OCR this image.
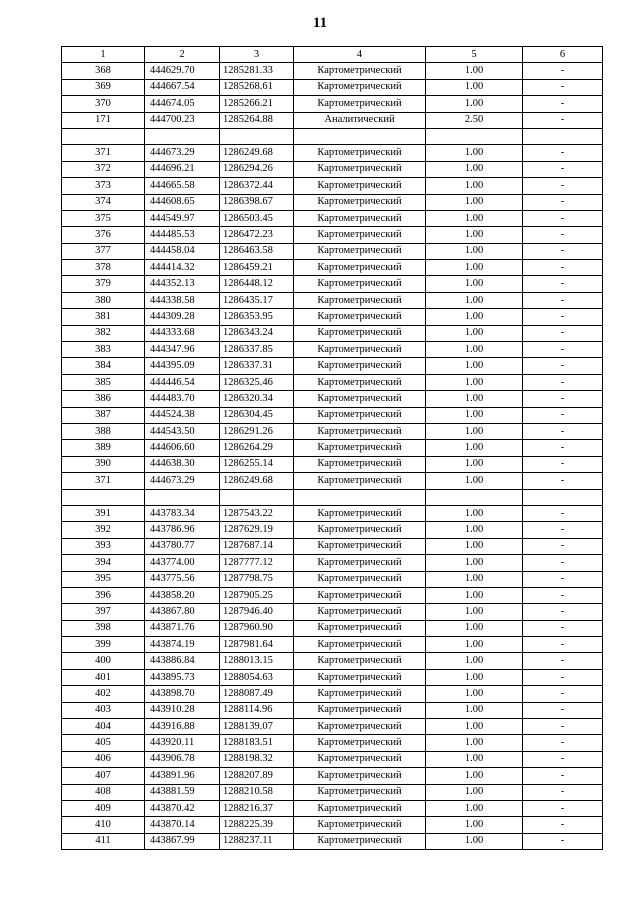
11
1	2	3	4	5	6
368	444629.70	1285281.33	Картометрический	1.00	-
369	444667.54	1285268.61	Картометрический	1.00	-
370	444674.05	1285266.21	Картометрический	1.00	-
171	444700.23	1285264.88	Аналитический	2.50	-

371	444673.29	1286249.68	Картометрический	1.00	-
372	444696.21	1286294.26	Картометрический	1.00	-
373	444665.58	1286372.44	Картометрический	1.00	-
374	444608.65	1286398.67	Картометрический	1.00	-
375	444549.97	1286503.45	Картометрический	1.00	-
376	444485.53	1286472.23	Картометрический	1.00	-
377	444458.04	1286463.58	Картометрический	1.00	-
378	444414.32	1286459.21	Картометрический	1.00	-
379	444352.13	1286448.12	Картометрический	1.00	-
380	444338.58	1286435.17	Картометрический	1.00	-
381	444309.28	1286353.95	Картометрический	1.00	-
382	444333.68	1286343.24	Картометрический	1.00	-
383	444347.96	1286337.85	Картометрический	1.00	-
384	444395.09	1286337.31	Картометрический	1.00	-
385	444446.54	1286325.46	Картометрический	1.00	-
386	444483.70	1286320.34	Картометрический	1.00	-
387	444524.38	1286304.45	Картометрический	1.00	-
388	444543.50	1286291.26	Картометрический	1.00	-
389	444606.60	1286264.29	Картометрический	1.00	-
390	444638.30	1286255.14	Картометрический	1.00	-
371	444673.29	1286249.68	Картометрический	1.00	-

391	443783.34	1287543.22	Картометрический	1.00	-
392	443786.96	1287629.19	Картометрический	1.00	-
393	443780.77	1287687.14	Картометрический	1.00	-
394	443774.00	1287777.12	Картометрический	1.00	-
395	443775.56	1287798.75	Картометрический	1.00	-
396	443858.20	1287905.25	Картометрический	1.00	-
397	443867.80	1287946.40	Картометрический	1.00	-
398	443871.76	1287960.90	Картометрический	1.00	-
399	443874.19	1287981.64	Картометрический	1.00	-
400	443886.84	1288013.15	Картометрический	1.00	-
401	443895.73	1288054.63	Картометрический	1.00	-
402	443898.70	1288087.49	Картометрический	1.00	-
403	443910.28	1288114.96	Картометрический	1.00	-
404	443916.88	1288139.07	Картометрический	1.00	-
405	443920.11	1288183.51	Картометрический	1.00	-
406	443906.78	1288198.32	Картометрический	1.00	-
407	443891.96	1288207.89	Картометрический	1.00	-
408	443881.59	1288210.58	Картометрический	1.00	-
409	443870.42	1288216.37	Картометрический	1.00	-
410	443870.14	1288225.39	Картометрический	1.00	-
411	443867.99	1288237.11	Картометрический	1.00	-
